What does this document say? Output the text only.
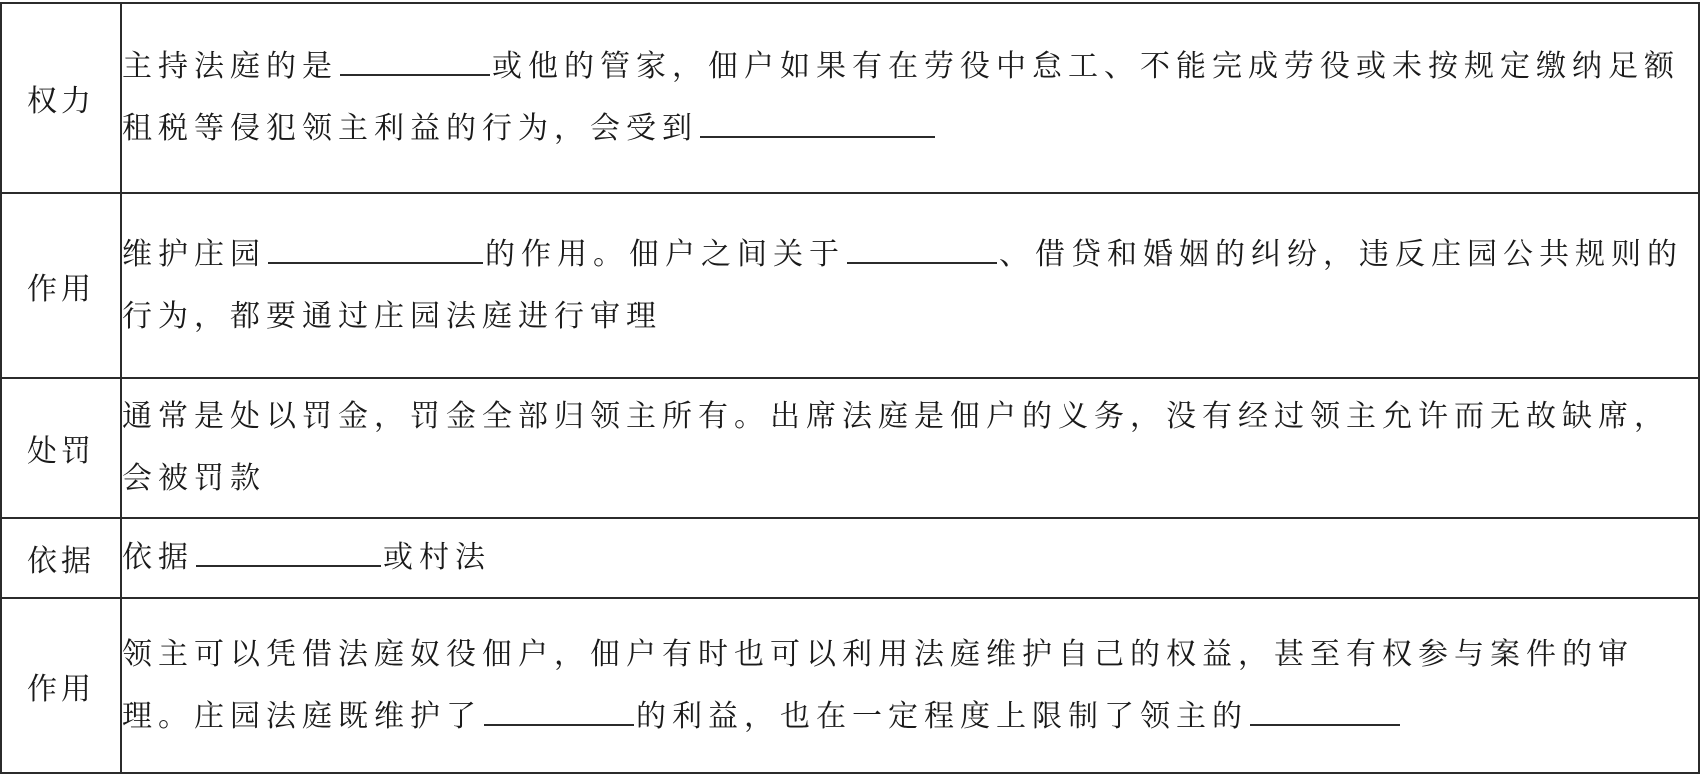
权力	主持法庭的是 或他的管家，佃户如果有在劳役中怠工、不能完成劳役或未按规定缴纳足额租税等侵犯领主利益的行为，会受到
作用	维护庄园 的作用。佃户之间关于 、借贷和婚姻的纠纷，违反庄园公共规则的行为，都要通过庄园法庭进行审理
处罚	通常是处以罚金，罚金全部归领主所有。出席法庭是佃户的义务，没有经过领主允许而无故缺席，会被罚款
依据	依据 或村法
作用	领主可以凭借法庭奴役佃户，佃户有时也可以利用法庭维护自己的权益，甚至有权参与案件的审理。庄园法庭既维护了 的利益，也在一定程度上限制了领主的
